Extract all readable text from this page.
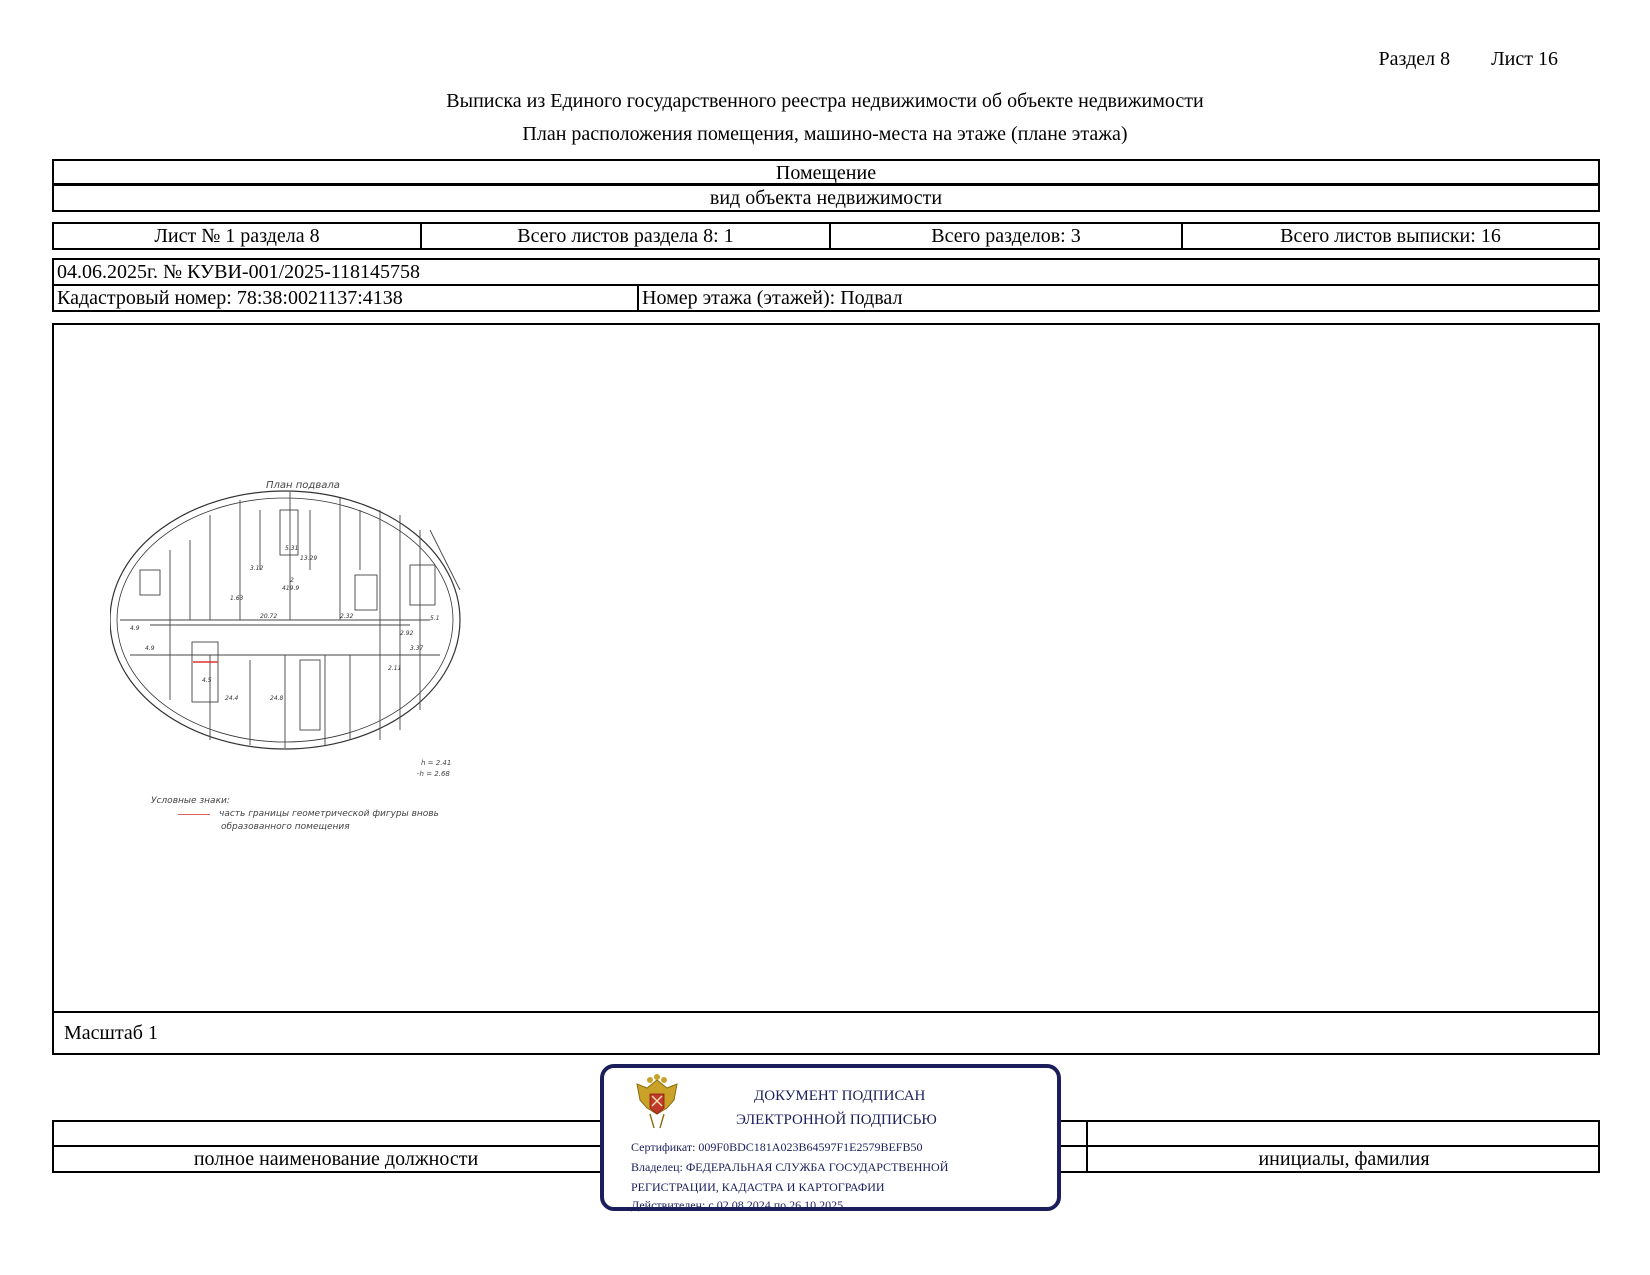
Раздел 8 Лист 16
Выписка из Единого государственного реестра недвижимости об объекте недвижимости
План расположения помещения, машино-места на этаже (плане этажа)
Помещение
вид объекта недвижимости
Лист № 1 раздела 8	Всего листов раздела 8: 1	Всего разделов: 3	Всего листов выписки: 16
04.06.2025г. № КУВИ-001/2025-118145758
Кадастровый номер: 78:38:0021137:4138	Номер этажа (этажей): Подвал
План подвала
2
419.9
20.72
13.29
5.31
3.12
1.63
2.32
4.5
24.4	24.8
2.11
4.9
4.9	3.37
2.92
5.1
h = 2.41
-h = 2.68
Условные знаки:
часть границы геометрической фигуры вновь
образованного помещения
Масштаб 1
полное наименование должности	инициалы, фамилия
ДОКУМЕНТ ПОДПИСАН
ЭЛЕКТРОННОЙ ПОДПИСЬЮ
Сертификат: 009F0BDC181A023B64597F1E2579BEFB50
Владелец: ФЕДЕРАЛЬНАЯ СЛУЖБА ГОСУДАРСТВЕННОЙ
РЕГИСТРАЦИИ, КАДАСТРА И КАРТОГРАФИИ
Действителен: с 02.08.2024 по 26.10.2025
